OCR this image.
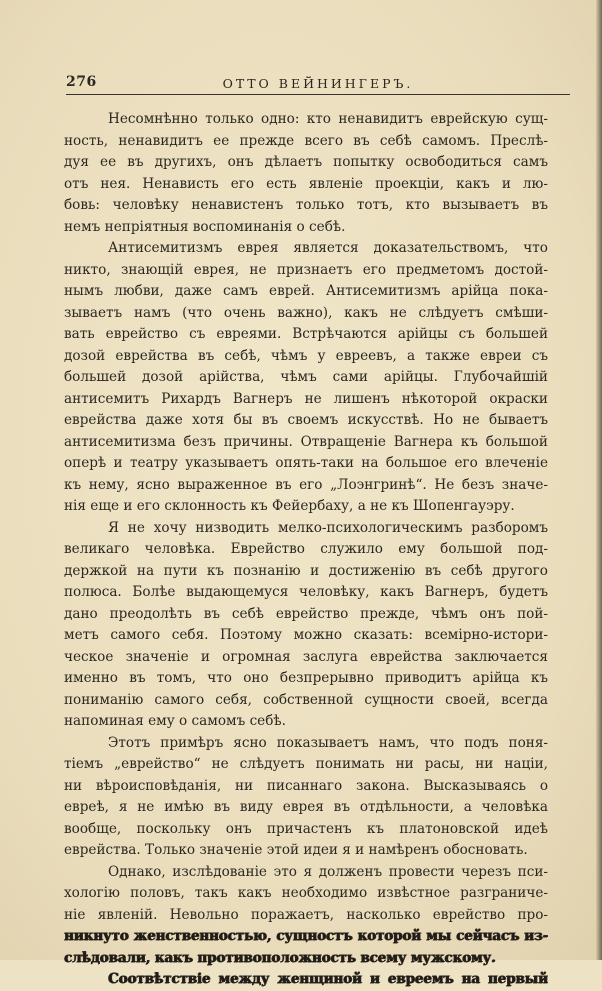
276	ОТТО ВЕЙНИНГЕРЪ.
Несомнѣнно только одно: кто ненавидитъ еврейскую сущ-
ность, ненавидитъ ее прежде всего въ себѣ самомъ. Преслѣ-
дуя ее въ другихъ, онъ дѣлаетъ попытку освободиться самъ
отъ нея. Ненависть его есть явленіе проекціи, какъ и лю-
бовь: человѣку ненавистенъ только тотъ, кто вызываетъ въ
немъ непріятныя воспоминанія о себѣ.
Антисемитизмъ еврея является доказательствомъ, что
никто, знающій еврея, не признаетъ его предметомъ достой-
нымъ любви, даже самъ еврей. Антисемитизмъ арійца пока-
зываетъ намъ (что очень важно), какъ не слѣдуетъ смѣши-
вать еврейство съ евреями. Встрѣчаются арійцы съ большей
дозой еврейства въ себѣ, чѣмъ у евреевъ, а также евреи съ
большей дозой арійства, чѣмъ сами арійцы. Глубочайшій
антисемитъ Рихардъ Вагнеръ не лишенъ нѣкоторой окраски
еврейства даже хотя бы въ своемъ искусствѣ. Но не бываетъ
антисемитизма безъ причины. Отвращеніе Вагнера къ большой
оперѣ и театру указываетъ опять-таки на большое его влеченіе
къ нему, ясно выраженное въ его „Лоэнгринѣ“. Не безъ значе-
нія еще и его склонность къ Фейербаху, а не къ Шопенгауэру.
Я не хочу низводить мелко-психологическимъ разборомъ
великаго человѣка. Еврейство служило ему большой под-
держкой на пути къ познанію и достиженію въ себѣ другого
полюса. Болѣе выдающемуся человѣку, какъ Вагнеръ, будетъ
дано преодолѣть въ себѣ еврейство прежде, чѣмъ онъ пой-
метъ самого себя. Поэтому можно сказать: всемірно-истори-
ческое значеніе и огромная заслуга еврейства заключается
именно въ томъ, что оно безпрерывно приводитъ арійца къ
пониманію самого себя, собственной сущности своей, всегда
напоминая ему о самомъ себѣ.
Этотъ примѣръ ясно показываетъ намъ, что подъ поня-
тіемъ „еврейство“ не слѣдуетъ понимать ни расы, ни націи,
ни вѣроисповѣданія, ни писаннаго закона. Высказываясь о
евреѣ, я не имѣю въ виду еврея въ отдѣльности, а человѣка
вообще, поскольку онъ причастенъ къ платоновской идеѣ
еврейства. Только значеніе этой идеи я и намѣренъ обосновать.
Однако, изслѣдованіе это я долженъ провести черезъ пси-
хологію половъ, такъ какъ необходимо извѣстное разграниче-
ніе явленій. Невольно поражаетъ, насколько еврейство про-
никнуто женственностью, сущностъ которой мы сейчасъ из-
слѣдовали, какъ противоположность всему мужскому.
Соотвѣтствіе между женщиной и евреемъ на первый
